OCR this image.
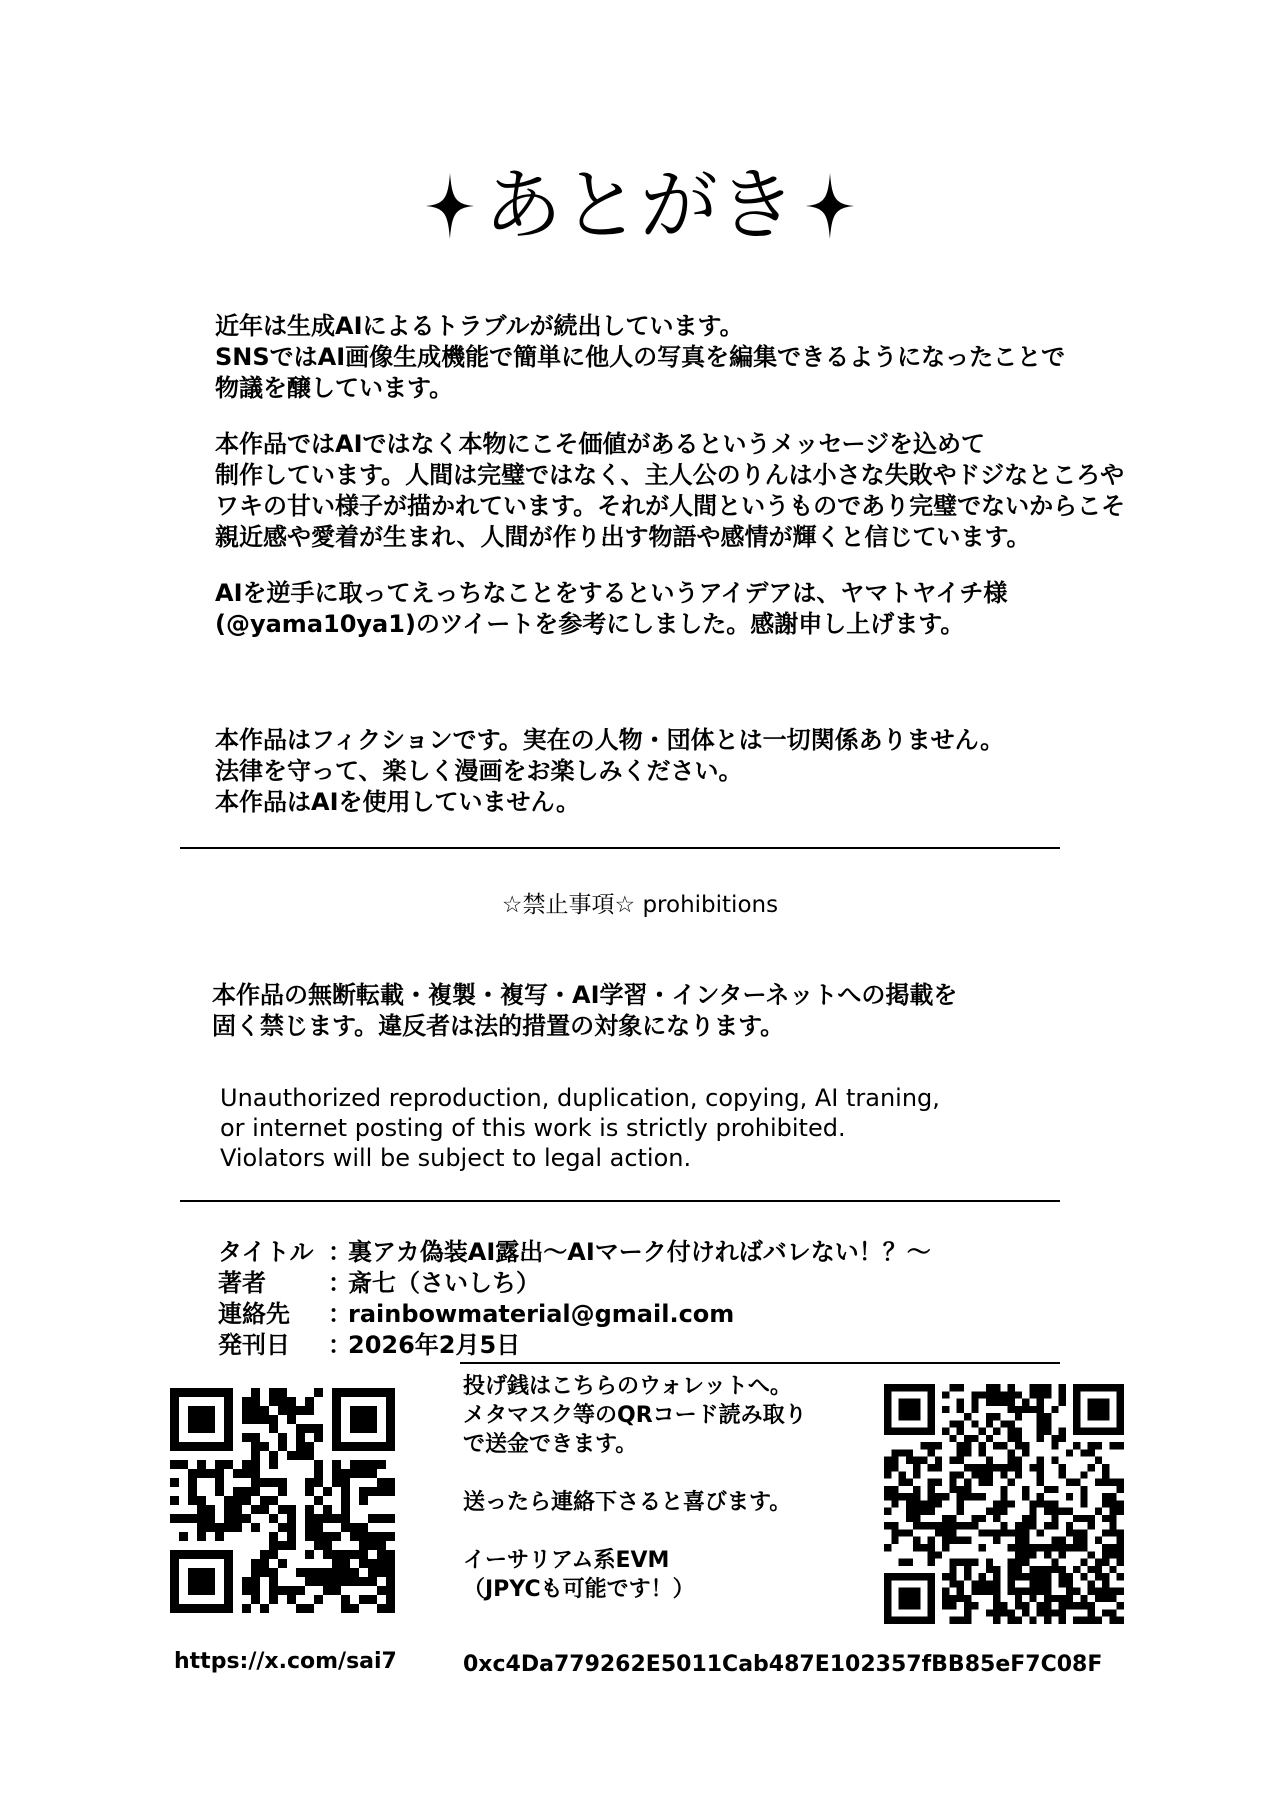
あとがき
近年は生成AIによるトラブルが続出しています。
SNSではAI画像生成機能で簡単に他人の写真を編集できるようになったことで
物議を醸しています。
本作品ではAIではなく本物にこそ価値があるというメッセージを込めて
制作しています。人間は完璧ではなく、主人公のりんは小さな失敗やドジなところや
ワキの甘い様子が描かれています。それが人間というものであり完璧でないからこそ
親近感や愛着が生まれ、人間が作り出す物語や感情が輝くと信じています。
AIを逆手に取ってえっちなことをするというアイデアは、ヤマトヤイチ様
(@yama10ya1)のツイートを参考にしました。感謝申し上げます。
本作品はフィクションです。実在の人物・団体とは一切関係ありません。
法律を守って、楽しく漫画をお楽しみください。
本作品はAIを使用していません。
☆禁止事項☆ prohibitions
本作品の無断転載・複製・複写・AI学習・インターネットへの掲載を
固く禁じます。違反者は法的措置の対象になります。
Unauthorized reproduction, duplication, copying, AI traning,
or internet posting of this work is strictly prohibited.
Violators will be subject to legal action.
タイトル ：
裏アカ偽装AI露出～AIマーク付ければバレない！？～
著者	：
斎七（さいしち）
連絡先	：
rainbowmaterial@gmail.com
発刊日	：
2026年2月5日
投げ銭はこちらのウォレットへ。
メタマスク等のQRコード読み取り
で送金できます。
送ったら連絡下さると喜びます。
イーサリアム系EVM
（JPYCも可能です！）
https://x.com/sai7	0xc4Da779262E5011Cab487E102357fBB85eF7C08F
